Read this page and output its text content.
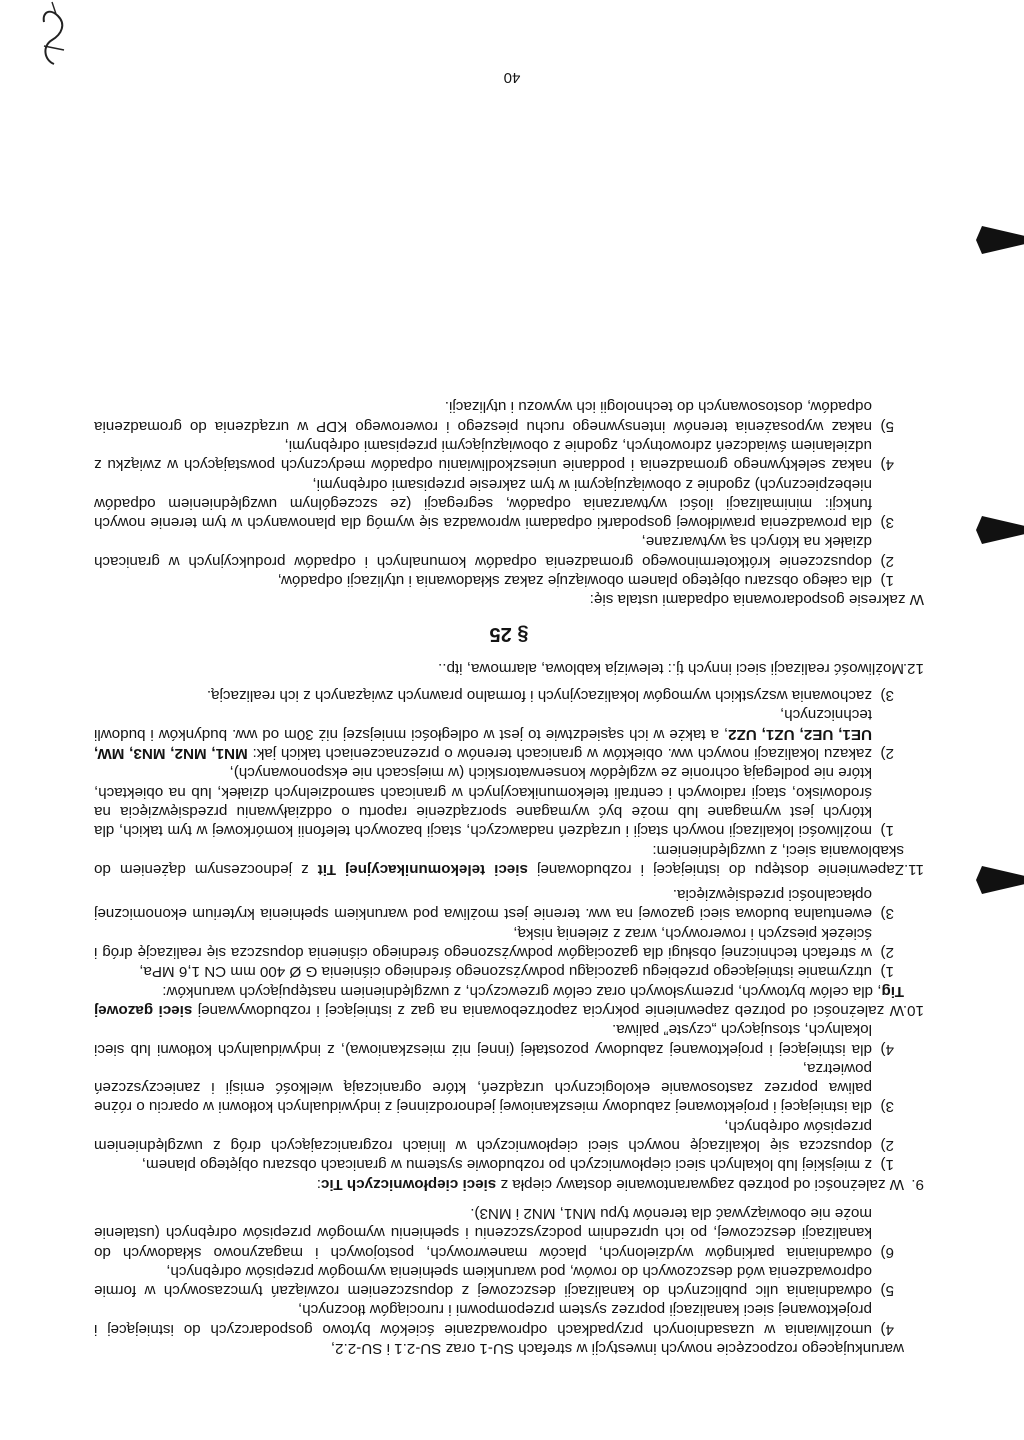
warunkującego rozpoczęcie nowych inwestycji w strefach SU-1 oraz SU-2.1 i SU-2.2,

4)
umożliwiania w uzasadnionych przypadkach odprowadzanie ścieków bytowo gospodarczych do istniejącej i projektowanej sieci kanalizacji poprzez system przepompowni i rurociągów tłocznych,
5)
odwadniania ulic publicznych do kanalizacji deszczowej z dopuszczeniem rozwiązań tymczasowych w formie odprowadzenia wód deszczowych do rowów, pod warunkiem spełnienia wymogów przepisów odrębnych,
6)
odwadniania parkingów wydzielonych, placów manewrowych, postojowych i magazynowo składowych do kanalizacji deszczowej, po ich uprzednim podczyszczeniu i spełnieniu wymogów przepisów odrębnych (ustalenie może nie obowiązywać dla terenów typu MN1, MN2 i MN3).
9.
W zależności od potrzeb zagwarantowanie dostawy ciepła z sieci ciepłowniczych Tic:
1)
z miejskiej lub lokalnych sieci ciepłowniczych po rozbudowie systemu w granicach obszaru objętego planem,
2)
dopuszcza się lokalizację nowych sieci ciepłowniczych w liniach rozgraniczających dróg z uwzględnieniem przepisów odrębnych,
3)
dla istniejącej i projektowanej zabudowy mieszkaniowej jednorodzinnej z indywidualnych kotłowni w oparciu o różne paliwa poprzez zastosowanie ekologicznych urządzeń, które ograniczają wielkość emisji i zanieczyszczeń powietrza,
4)
dla istniejącej i projektowanej zabudowy pozostałej (innej niż mieszkaniowa), z indywidualnych kotłowni lub sieci lokalnych, stosujących „czyste” paliwa.
10.
W zależności od potrzeb zapewnienie pokrycia zapotrzebowania na gaz z istniejącej i rozbudowywanej sieci gazowej Tig, dla celów bytowych, przemysłowych oraz celów grzewczych, z uwzględnieniem następujących warunków:
1)
utrzymanie istniejącego przebiegu gazociągu podwyższonego średniego ciśnienia G Ø 400 mm CN 1,6 MPa,
2)
w strefach technicznej obsługi dla gazociągów podwyższonego średniego ciśnienia dopuszcza się realizację dróg i ścieżek pieszych i rowerowych, wraz z zielenią niską,
3)
ewentualna budowa sieci gazowej na ww. terenie jest możliwa pod warunkiem spełnienia kryterium ekonomicznej opłacalności przedsięwzięcia.
11.
Zapewnienie dostępu do istniejącej i rozbudowanej sieci telekomunikacyjnej Tit z jednoczesnym dążeniem do skablowania sieci, z uwzględnieniem:
1)
możliwości lokalizacji nowych stacji i urządzeń nadawczych, stacji bazowych telefonii komórkowej w tym takich, dla których jest wymagane lub może być wymagane sporządzenie raportu o oddziaływaniu przedsięwzięcia na środowisko, stacji radiowych i centrali telekomunikacyjnych w granicach samodzielnych działek, lub na obiektach, które nie podlegają ochronie ze względów konserwatorskich (w miejscach nie eksponowanych),
2)
zakazu lokalizacji nowych ww. obiektów w granicach terenów o przeznaczeniach takich jak: MN1, MN2, MN3, MW, UE1, UE2, UZ1, UZ2, a także w ich sąsiedztwie to jest w odległości mniejszej niż 30m od ww. budynków i budowli technicznych,
3)
zachowania wszystkich wymogów lokalizacyjnych i formalno prawnych związanych z ich realizacją.
12.
Możliwość realizacji sieci innych tj.: telewizja kablowa, alarmowa, itp..
§ 25

W zakresie gospodarowania odpadami ustala się:

1)
dla całego obszaru objętego planem obowiązuje zakaz składowania i utylizacji odpadów,
2)
dopuszczenie krótkoterminowego gromadzenia odpadów komunalnych i odpadów produkcyjnych w granicach działek na których są wytwarzane,
3)
dla prowadzenia prawidłowej gospodarki odpadami wprowadza się wymóg dla planowanych w tym terenie nowych funkcji: minimalizacji ilości wytwarzania odpadów, segregacji (ze szczególnym uwzględnieniem odpadów niebezpiecznych) zgodnie z obowiązującymi w tym zakresie przepisami odrębnymi,
4)
nakaz selektywnego gromadzenia i poddanie unieszkodliwianiu odpadów medycznych powstających w związku z udzielaniem świadczeń zdrowotnych, zgodnie z obowiązującymi przepisami odrębnymi,
5)
nakaz wyposażenia terenów intensywnego ruchu pieszego i rowerowego KDP w urządzenia do gromadzenia odpadów, dostosowanych do technologii ich wywozu i utylizacji.
40
